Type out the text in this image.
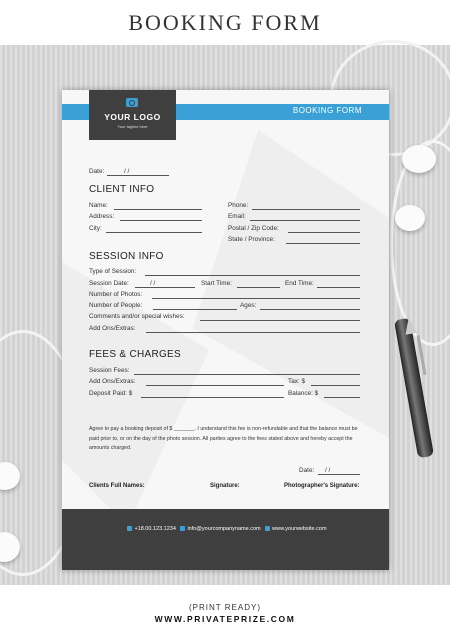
BOOKING FORM
BOOKING FORM
YOUR LOGO
Your tagline here
Date:	/ /
CLIENT INFO
Name:
Address:
City:
Phone:
Email:
Postal / Zip Code:
State / Province:
SESSION INFO
Type of Session:
Session Date:	/ /	Start Time:	End Time:
Number of Photos:
Number of People:	Ages:
Comments and/or special wishes:
Add Ons/Extras:
FEES & CHARGES
Session Fees:
Add Ons/Extras:	Tax: $
Deposit Paid: $	Balance: $
Agree to pay a booking deposit of $ _______. I understand this fee is non-refundable and that the balance must be paid prior to, or on the day of the photo session. All parties agree to the fees stated above and hereby accept the amounts charged.
Date: / /
Clients Full Names:	Signature:	Photographer's Signature:
+18.00.123.1234 info@yourcompanyname.com www.yourwebsite.com
(PRINT READY)
WWW.PRIVATEPRIZE.COM
